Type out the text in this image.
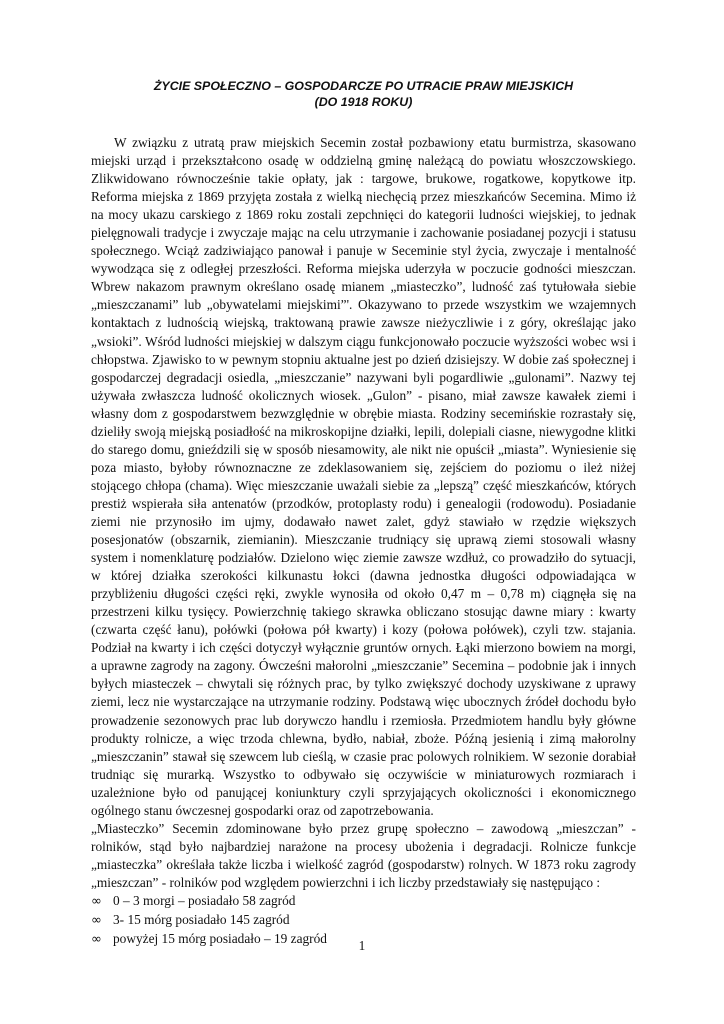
ŻYCIE SPOŁECZNO – GOSPODARCZE PO UTRACIE PRAW MIEJSKICH
(DO 1918 ROKU)

W związku z utratą praw miejskich Secemin został pozbawiony etatu burmistrza, skasowano miejski urząd i przekształcono osadę w oddzielną gminę należącą do powiatu włoszczowskiego. Zlikwidowano równocześnie takie opłaty, jak : targowe, brukowe, rogatkowe, kopytkowe itp. Reforma miejska z 1869 przyjęta została z wielką niechęcią przez mieszkańców Secemina. Mimo iż na mocy ukazu carskiego z 1869 roku zostali zepchnięci do kategorii ludności wiejskiej, to jednak pielęgnowali tradycje i zwyczaje mając na celu utrzymanie i zachowanie posiadanej pozycji i statusu społecznego. Wciąż zadziwiająco panował i panuje w Seceminie styl życia, zwyczaje i mentalność wywodząca się z odległej przeszłości. Reforma miejska uderzyła w poczucie godności mieszczan. Wbrew nakazom prawnym określano osadę mianem „miasteczko”, ludność zaś tytułowała siebie „mieszczanami” lub „obywatelami miejskimi”'. Okazywano to przede wszystkim we wzajemnych kontaktach z ludnością wiejską, traktowaną prawie zawsze nieżyczliwie i z góry, określając jako „wsioki”. Wśród ludności miejskiej w dalszym ciągu funkcjonowało poczucie wyższości wobec wsi i chłopstwa. Zjawisko to w pewnym stopniu aktualne jest po dzień dzisiejszy. W dobie zaś społecznej i gospodarczej degradacji osiedla, „mieszczanie” nazywani byli pogardliwie „gulonami”. Nazwy tej używała zwłaszcza ludność okolicznych wiosek. „Gulon” - pisano, miał zawsze kawałek ziemi i własny dom z gospodarstwem bezwzględnie w obrębie miasta. Rodziny secemińskie rozrastały się, dzieliły swoją miejską posiadłość na mikroskopijne działki, lepili, dolepiali ciasne, niewygodne klitki do starego domu, gnieździli się w sposób niesamowity, ale nikt nie opuścił „miasta”. Wyniesienie się poza miasto, byłoby równoznaczne ze zdeklasowaniem się, zejściem do poziomu o ileż niżej stojącego chłopa (chama). Więc mieszczanie uważali siebie za „lepszą” część mieszkańców, których prestiż wspierała siła antenatów (przodków, protoplasty rodu) i genealogii (rodowodu). Posiadanie ziemi nie przynosiło im ujmy, dodawało nawet zalet, gdyż stawiało w rzędzie większych posesjonatów (obszarnik, ziemianin). Mieszczanie trudniący się uprawą ziemi stosowali własny system i nomenklaturę podziałów. Dzielono więc ziemie zawsze wzdłuż, co prowadziło do sytuacji, w której działka szerokości kilkunastu łokci (dawna jednostka długości odpowiadająca w przybliżeniu długości części ręki, zwykle wynosiła od około 0,47 m – 0,78 m) ciągnęła się na przestrzeni kilku tysięcy. Powierzchnię takiego skrawka obliczano stosując dawne miary : kwarty (czwarta część łanu), połówki (połowa pół kwarty) i kozy (połowa połówek), czyli tzw. stajania. Podział na kwarty i ich części dotyczył wyłącznie gruntów ornych. Łąki mierzono bowiem na morgi, a uprawne zagrody na zagony. Ówcześni małorolni „mieszczanie” Secemina – podobnie jak i innych byłych miasteczek – chwytali się różnych prac, by tylko zwiększyć dochody uzyskiwane z uprawy ziemi, lecz nie wystarczające na utrzymanie rodziny. Podstawą więc ubocznych źródeł dochodu było prowadzenie sezonowych prac lub dorywczo handlu i rzemiosła. Przedmiotem handlu były główne produkty rolnicze, a więc trzoda chlewna, bydło, nabiał, zboże. Późną jesienią i zimą małorolny „mieszczanin” stawał się szewcem lub cieślą, w czasie prac polowych rolnikiem. W sezonie dorabiał trudniąc się murarką. Wszystko to odbywało się oczywiście w miniaturowych rozmiarach i uzależnione było od panującej koniunktury czyli sprzyjających okoliczności i ekonomicznego ogólnego stanu ówczesnej gospodarki oraz od zapotrzebowania.

„Miasteczko” Secemin zdominowane było przez grupę społeczno – zawodową „mieszczan” - rolników, stąd było najbardziej narażone na procesy ubożenia i degradacji. Rolnicze funkcje „miasteczka” określała także liczba i wielkość zagród (gospodarstw) rolnych. W 1873 roku zagrody „mieszczan” - rolników pod względem powierzchni i ich liczby przedstawiały się następująco :

∞ 0 – 3 morgi – posiadało 58 zagród
∞ 3- 15 mórg posiadało 145 zagród
∞ powyżej 15 mórg posiadało – 19 zagród	1
